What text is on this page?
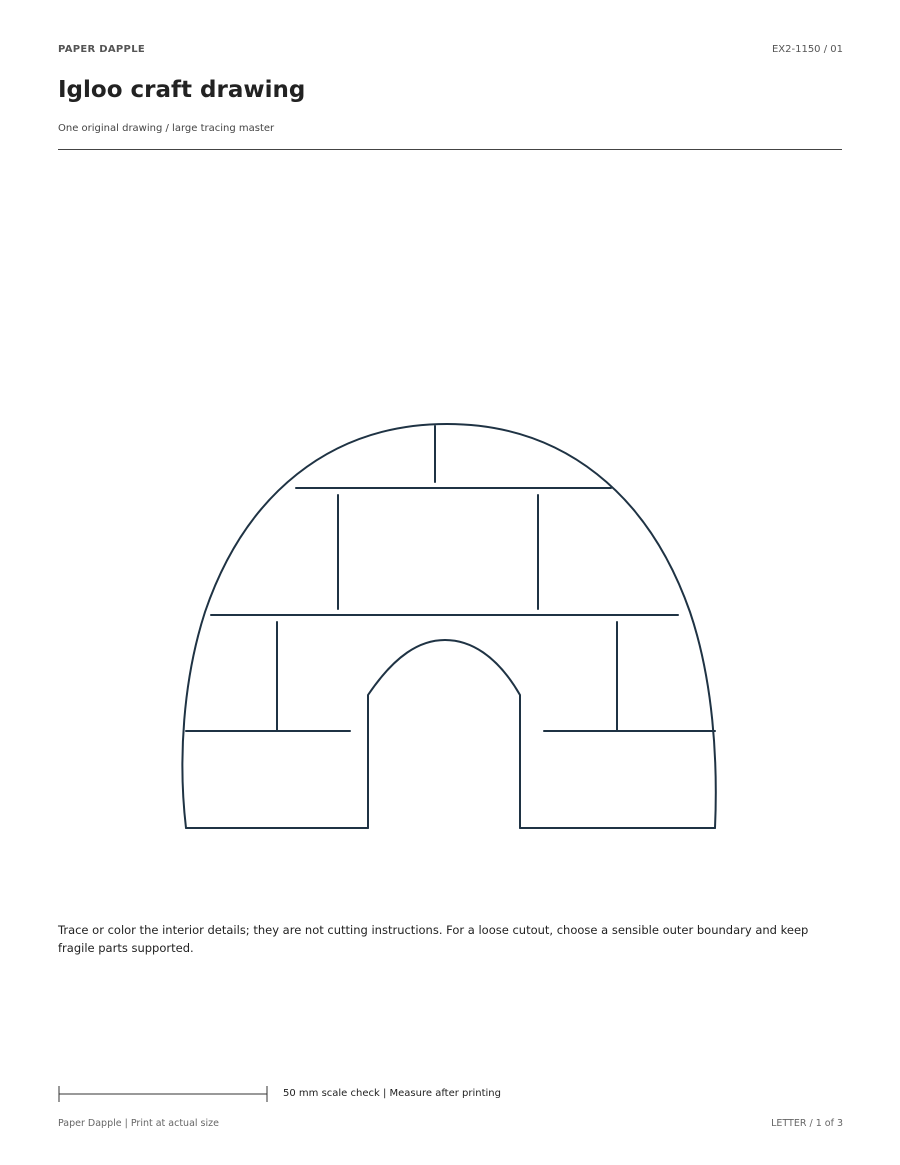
PAPER DAPPLE	EX2-1150 / 01
Igloo craft drawing
One original drawing / large tracing master
Trace or color the interior details; they are not cutting instructions. For a loose cutout, choose a sensible outer boundary and keep fragile parts supported.
50 mm scale check | Measure after printing
Paper Dapple | Print at actual size	LETTER / 1 of 3
